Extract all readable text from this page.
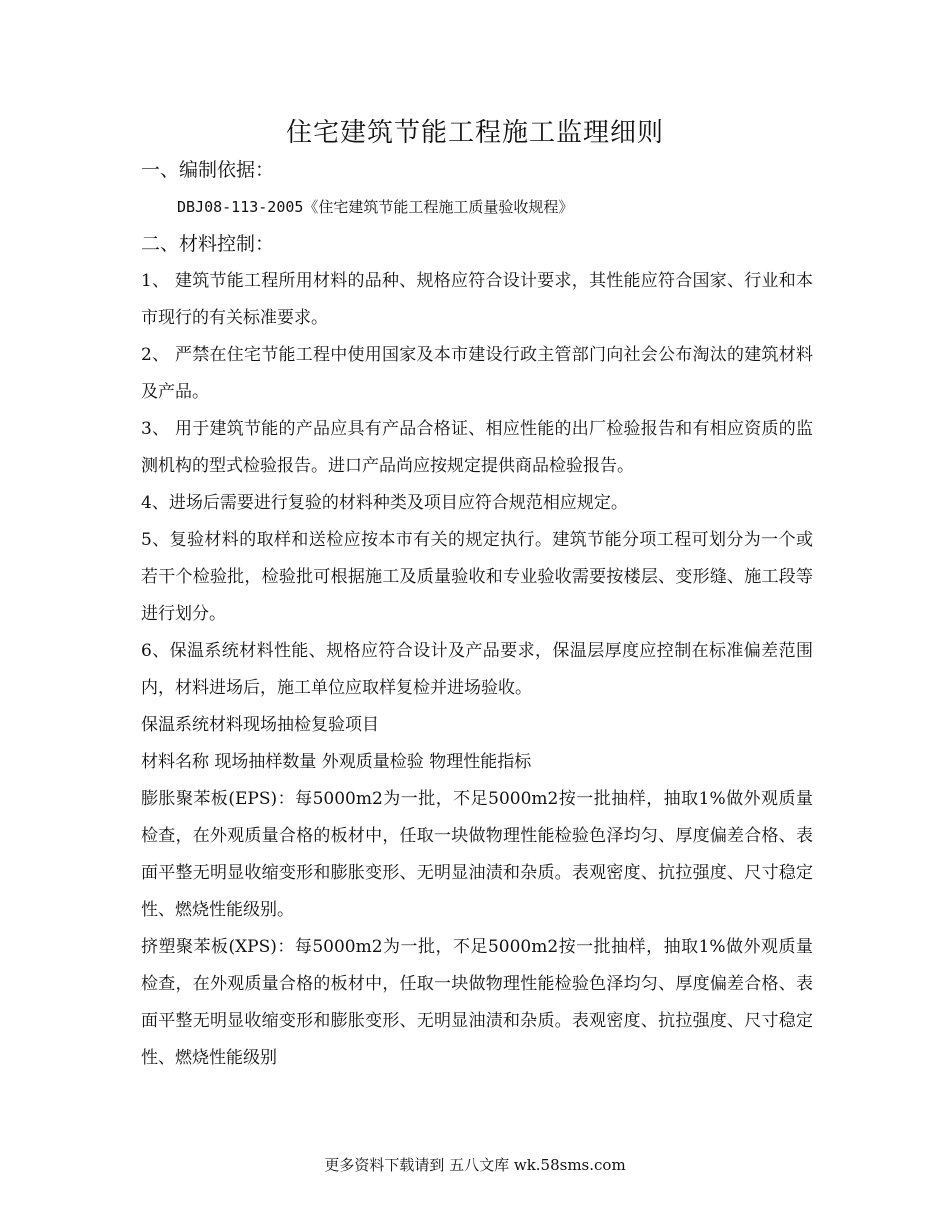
住宅建筑节能工程施工监理细则

一、编制依据：

DBJ08-113-2005《住宅建筑节能工程施工质量验收规程》

二、材料控制：

1、 建筑节能工程所用材料的品种、规格应符合设计要求，其性能应符合国家、行业和本市现行的有关标准要求。

2、 严禁在住宅节能工程中使用国家及本市建设行政主管部门向社会公布淘汰的建筑材料及产品。

3、 用于建筑节能的产品应具有产品合格证、相应性能的出厂检验报告和有相应资质的监测机构的型式检验报告。进口产品尚应按规定提供商品检验报告。

4、进场后需要进行复验的材料种类及项目应符合规范相应规定。

5、复验材料的取样和送检应按本市有关的规定执行。建筑节能分项工程可划分为一个或若干个检验批，检验批可根据施工及质量验收和专业验收需要按楼层、变形缝、施工段等进行划分。

6、保温系统材料性能、规格应符合设计及产品要求，保温层厚度应控制在标准偏差范围内，材料进场后，施工单位应取样复检并进场验收。

保温系统材料现场抽检复验项目

材料名称 现场抽样数量 外观质量检验 物理性能指标

膨胀聚苯板(EPS)：每5000m2为一批，不足5000m2按一批抽样，抽取1%做外观质量检查，在外观质量合格的板材中，任取一块做物理性能检验色泽均匀、厚度偏差合格、表面平整无明显收缩变形和膨胀变形、无明显油渍和杂质。表观密度、抗拉强度、尺寸稳定性、燃烧性能级别。

挤塑聚苯板(XPS)：每5000m2为一批，不足5000m2按一批抽样，抽取1%做外观质量检查，在外观质量合格的板材中，任取一块做物理性能检验色泽均匀、厚度偏差合格、表面平整无明显收缩变形和膨胀变形、无明显油渍和杂质。表观密度、抗拉强度、尺寸稳定性、燃烧性能级别

更多资料下载请到 五八文库 wk.58sms.com
